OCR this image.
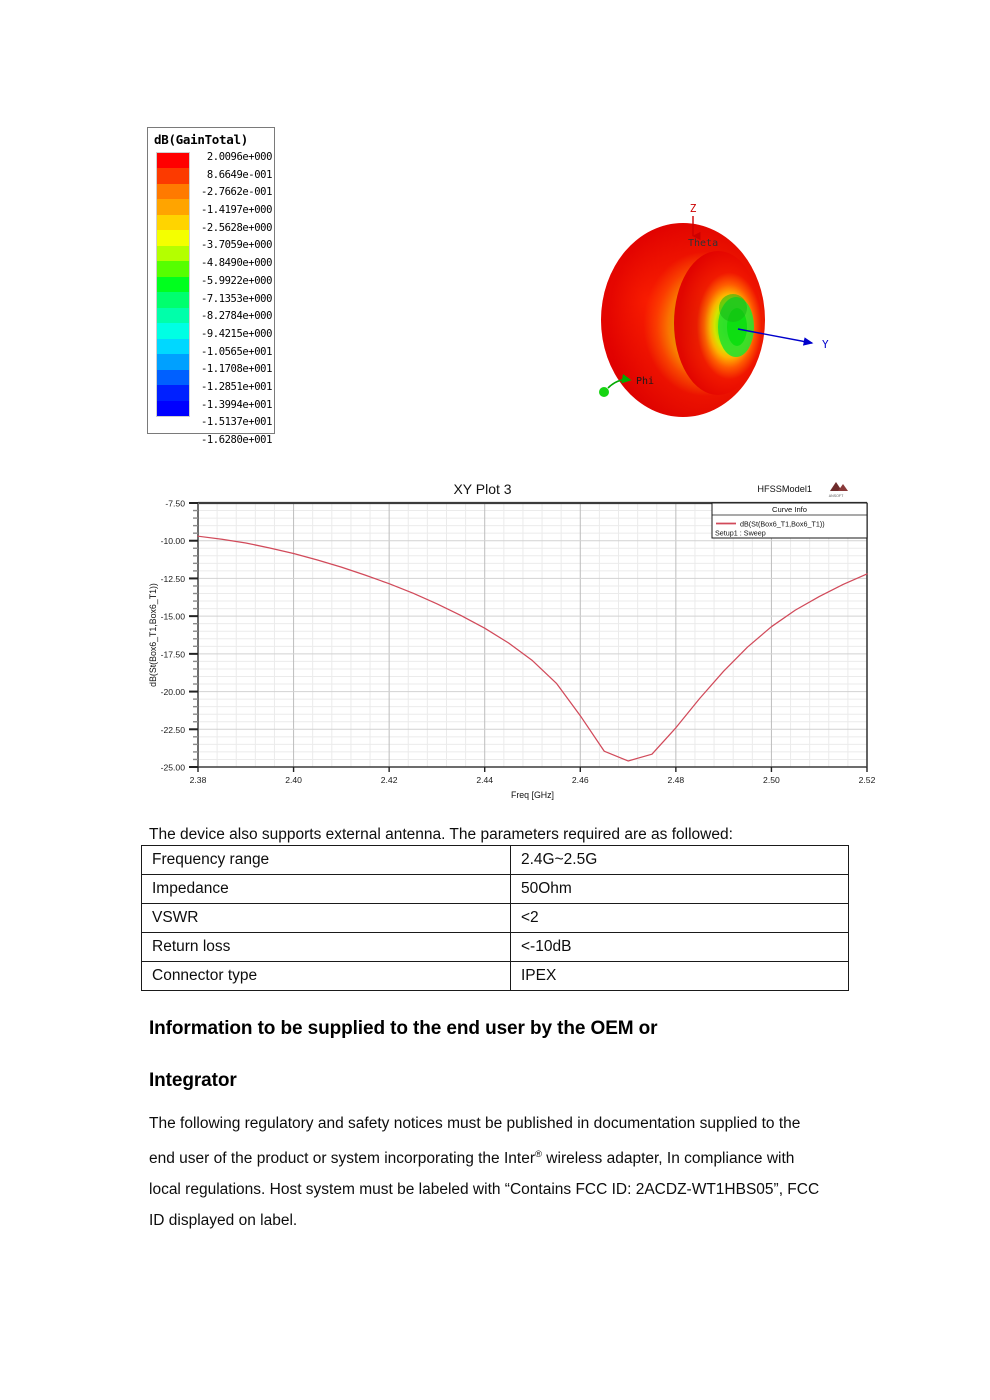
dB(GainTotal)
2.0096e+000
8.6649e-001
-2.7662e-001
-1.4197e+000
-2.5628e+000
-3.7059e+000
-4.8490e+000
-5.9922e+000
-7.1353e+000
-8.2784e+000
-9.4215e+000
-1.0565e+001
-1.1708e+001
-1.2851e+001
-1.3994e+001
-1.5137e+001
-1.6280e+001
Z
Theta
Y
Phi
-7.50
-10.00
-12.50
-15.00
-17.50
-20.00
-22.50
-25.00
2.38	2.40	2.42	2.44	2.46	2.48	2.50	2.52
Freq [GHz]
dB(St(Box6_T1,Box6_T1))
XY Plot 3	HFSSModel1
ANSOFT
Curve Info
dB(St(Box6_T1,Box6_T1))
Setup1 : Sweep
The device also supports external antenna. The parameters required are as followed:
Frequency range	2.4G~2.5G
Impedance	50Ohm
VSWR	<2
Return loss	<-10dB
Connector type	IPEX
Information to be supplied to the end user by the OEM or
Integrator
The following regulatory and safety notices must be published in documentation supplied to the end user of the product or system incorporating the Inter® wireless adapter, In compliance with local regulations. Host system must be labeled with “Contains FCC ID: 2ACDZ-WT1HBS05”, FCC ID displayed on label.
